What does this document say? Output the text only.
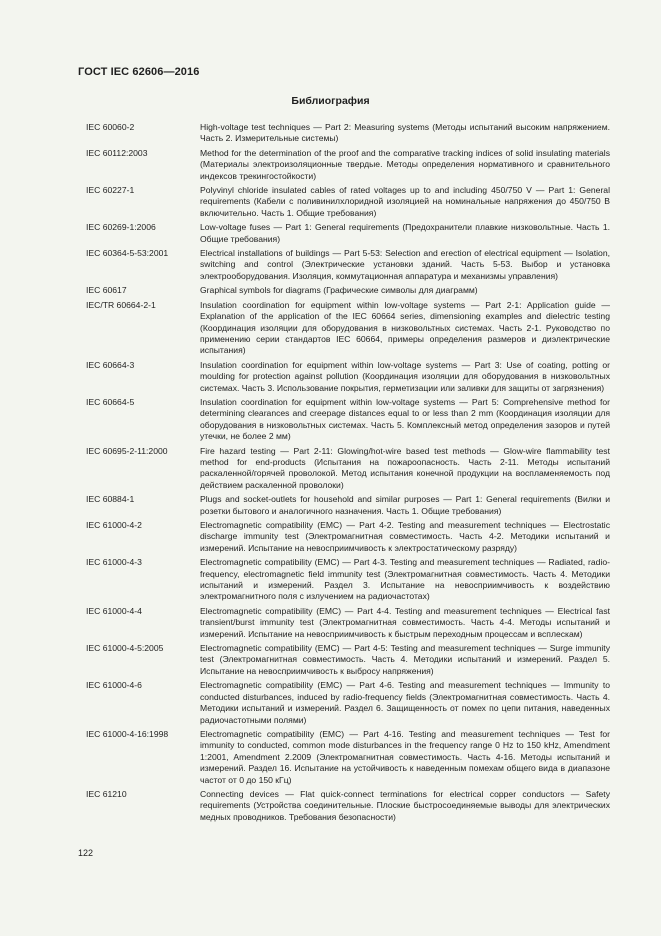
ГОСТ IEC 62606—2016
Библиография
IEC 60060-2	High-voltage test techniques — Part 2: Measuring systems (Методы испытаний высоким напряжением. Часть 2. Измерительные системы)
IEC 60112:2003	Method for the determination of the proof and the comparative tracking indices of solid insulating materials (Материалы электроизоляционные твердые. Методы определения нормативного и сравнительного индексов трекингостойкости)
IEC 60227-1	Polyvinyl chloride insulated cables of rated voltages up to and including 450/750 V — Part 1: General requirements (Кабели с поливинилхлоридной изоляцией на номинальные напряжения до 450/750 В включительно. Часть 1. Общие требования)
IEC 60269-1:2006	Low-voltage fuses — Part 1: General requirements (Предохранители плавкие низковольтные. Часть 1. Общие требования)
IEC 60364-5-53:2001	Electrical installations of buildings — Part 5-53: Selection and erection of electrical equipment — Isolation, switching and control (Электрические установки зданий. Часть 5-53. Выбор и установка электрооборудования. Изоляция, коммутационная аппаратура и механизмы управления)
IEC 60617	Graphical symbols for diagrams (Графические символы для диаграмм)
IEC/TR 60664-2-1	Insulation coordination for equipment within low-voltage systems — Part 2-1: Application guide — Explanation of the application of the IEC 60664 series, dimensioning examples and dielectric testing (Координация изоляции для оборудования в низковольтных системах. Часть 2-1. Руководство по применению серии стандартов IEC 60664, примеры определения размеров и диэлектрические испытания)
IEC 60664-3	Insulation coordination for equipment within low-voltage systems — Part 3: Use of coating, potting or moulding for protection against pollution (Координация изоляции для оборудования в низковольтных системах. Часть 3. Использование покрытия, герметизации или заливки для защиты от загрязнения)
IEC 60664-5	Insulation coordination for equipment within low-voltage systems — Part 5: Comprehensive method for determining clearances and creepage distances equal to or less than 2 mm (Координация изоляции для оборудования в низковольтных системах. Часть 5. Комплексный метод определения зазоров и путей утечки, не более 2 мм)
IEC 60695-2-11:2000	Fire hazard testing — Part 2-11: Glowing/hot-wire based test methods — Glow-wire flammability test method for end-products (Испытания на пожароопасность. Часть 2-11. Методы испытаний раскаленной/горячей проволокой. Метод испытания конечной продукции на воспламеняемость под действием раскаленной проволоки)
IEC 60884-1	Plugs and socket-outlets for household and similar purposes — Part 1: General requirements (Вилки и розетки бытового и аналогичного назначения. Часть 1. Общие требования)
IEC 61000-4-2	Electromagnetic compatibility (EMC) — Part 4-2. Testing and measurement techniques — Electrostatic discharge immunity test (Электромагнитная совместимость. Часть 4-2. Методики испытаний и измерений. Испытание на невосприимчивость к электростатическому разряду)
IEC 61000-4-3	Electromagnetic compatibility (EMC) — Part 4-3. Testing and measurement techniques — Radiated, radio-frequency, electromagnetic field immunity test (Электромагнитная совместимость. Часть 4. Методики испытаний и измерений. Раздел 3. Испытание на невосприимчивость к воздействию электромагнитного поля с излучением на радиочастотах)
IEC 61000-4-4	Electromagnetic compatibility (EMC) — Part 4-4. Testing and measurement techniques — Electrical fast transient/burst immunity test (Электромагнитная совместимость. Часть 4-4. Методы испытаний и измерений. Испытание на невосприимчивость к быстрым переходным процессам и всплескам)
IEC 61000-4-5:2005	Electromagnetic compatibility (EMC) — Part 4-5: Testing and measurement techniques — Surge immunity test (Электромагнитная совместимость. Часть 4. Методики испытаний и измерений. Раздел 5. Испытание на невосприимчивость к выбросу напряжения)
IEC 61000-4-6	Electromagnetic compatibility (EMC) — Part 4-6. Testing and measurement techniques — Immunity to conducted disturbances, induced by radio-frequency fields (Электромагнитная совместимость. Часть 4. Методики испытаний и измерений. Раздел 6. Защищенность от помех по цепи питания, наведенных радиочастотными полями)
IEC 61000-4-16:1998	Electromagnetic compatibility (EMC) — Part 4-16. Testing and measurement techniques — Test for immunity to conducted, common mode disturbances in the frequency range 0 Hz to 150 kHz, Amendment 1:2001, Amendment 2.2009 (Электромагнитная совместимость. Часть 4-16. Методы испытаний и измерений. Раздел 16. Испытание на устойчивость к наведенным помехам общего вида в диапазоне частот от 0 до 150 кГц)
IEC 61210	Connecting devices — Flat quick-connect terminations for electrical copper conductors — Safety requirements (Устройства соединительные. Плоские быстросоединяемые выводы для электрических медных проводников. Требования безопасности)
122
